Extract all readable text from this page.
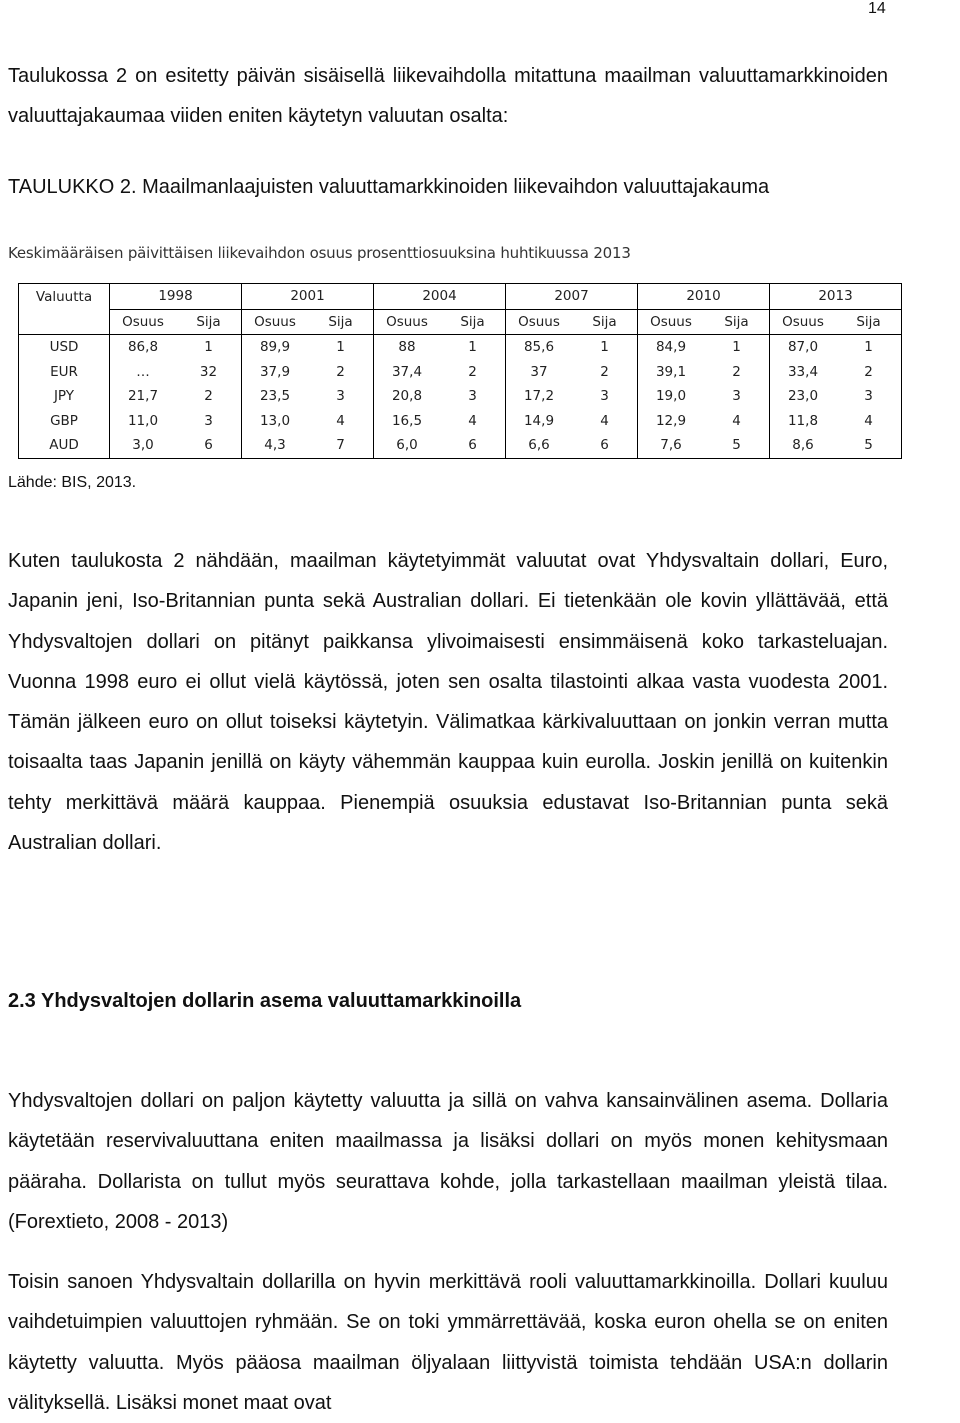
14

Taulukossa 2 on esitetty päivän sisäisellä liikevaihdolla mitattuna maailman valuuttamarkkinoiden valuuttajakaumaa viiden eniten käytetyn valuutan osalta:

TAULUKKO 2. Maailmanlaajuisten valuuttamarkkinoiden liikevaihdon valuuttajakauma

Keskimääräisen päivittäisen liikevaihdon osuus prosenttiosuuksina huhtikuussa 2013

Valuutta	1998		2001		2004		2007		2010		2013	
	Osuus	Sija	Osuus	Sija	Osuus	Sija	Osuus	Sija	Osuus	Sija	Osuus	Sija
USD	86,8	1	89,9	1	88	1	85,6	1	84,9	1	87,0	1
EUR	…	32	37,9	2	37,4	2	37	2	39,1	2	33,4	2
JPY	21,7	2	23,5	3	20,8	3	17,2	3	19,0	3	23,0	3
GBP	11,0	3	13,0	4	16,5	4	14,9	4	12,9	4	11,8	4
AUD	3,0	6	4,3	7	6,0	6	6,6	6	7,6	5	8,6	5

Lähde: BIS, 2013.

Kuten taulukosta 2 nähdään, maailman käytetyimmät valuutat ovat Yhdysvaltain dollari, Euro, Japanin jeni, Iso-Britannian punta sekä Australian dollari. Ei tietenkään ole kovin yllättävää, että Yhdysvaltojen dollari on pitänyt paikkansa ylivoimaisesti ensimmäisenä koko tarkasteluajan. Vuonna 1998 euro ei ollut vielä käytössä, joten sen osalta tilastointi alkaa vasta vuodesta 2001. Tämän jälkeen euro on ollut toiseksi käytetyin. Välimatkaa kärkivaluuttaan on jonkin verran mutta toisaalta taas Japanin jenillä on käyty vähemmän kauppaa kuin eurolla. Joskin jenillä on kuitenkin tehty merkittävä määrä kauppaa. Pienempiä osuuksia edustavat Iso-Britannian punta sekä Australian dollari.

2.3 Yhdysvaltojen dollarin asema valuuttamarkkinoilla

Yhdysvaltojen dollari on paljon käytetty valuutta ja sillä on vahva kansainvälinen asema. Dollaria käytetään reservivaluuttana eniten maailmassa ja lisäksi dollari on myös monen kehitysmaan pääraha. Dollarista on tullut myös seurattava kohde, jolla tarkastellaan maailman yleistä tilaa. (Forextieto, 2008 - 2013)

Toisin sanoen Yhdysvaltain dollarilla on hyvin merkittävä rooli valuuttamarkkinoilla. Dollari kuuluu vaihdetuimpien valuuttojen ryhmään. Se on toki ymmärrettävää, koska euron ohella se on eniten käytetty valuutta. Myös pääosa maailman öljyalaan liittyvistä toimista tehdään USA:n dollarin välityksellä. Lisäksi monet maat ovat
